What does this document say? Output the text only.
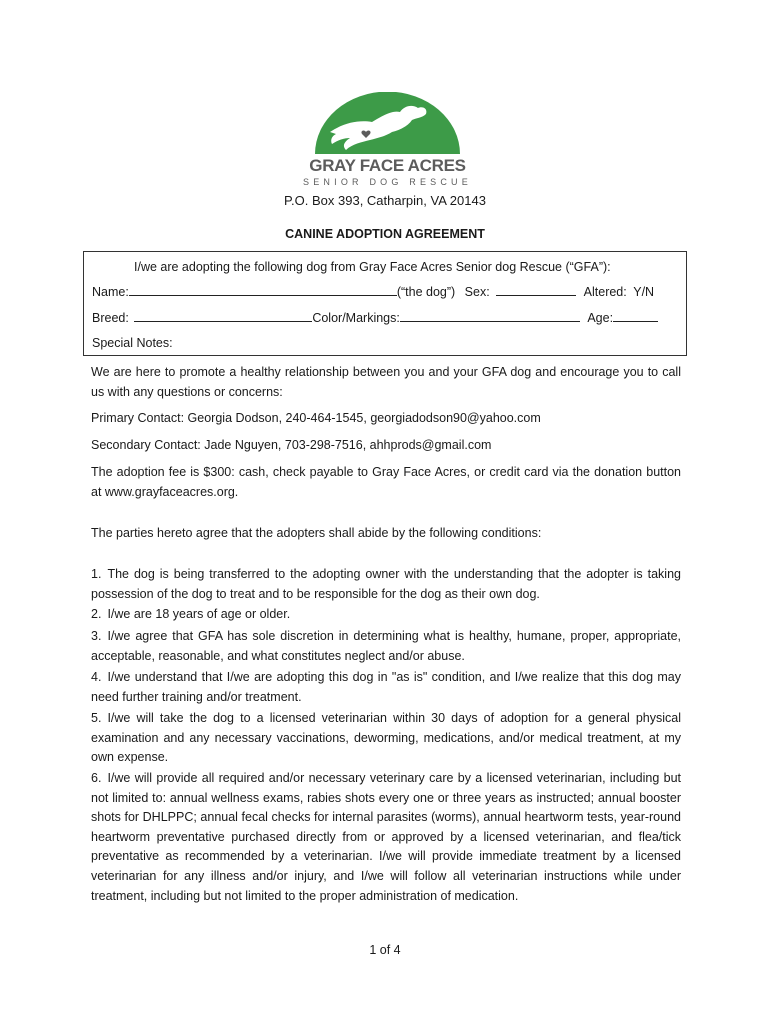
GRAY FACE ACRES
SENIOR DOG RESCUE
P.O. Box 393, Catharpin, VA 20143
CANINE ADOPTION AGREEMENT
I/we are adopting the following dog from Gray Face Acres Senior dog Rescue (“GFA”):
Name:	(“the dog”) Sex:	Altered: Y/N
Breed:	Color/Markings:	Age:
Special Notes:
We are here to promote a healthy relationship between you and your GFA dog and encourage you to call us with any questions or concerns:
Primary Contact: Georgia Dodson, 240-464-1545, georgiadodson90@yahoo.com
Secondary Contact: Jade Nguyen, 703-298-7516, ahhprods@gmail.com
The adoption fee is $300: cash, check payable to Gray Face Acres, or credit card via the donation button at www.grayfaceacres.org.
The parties hereto agree that the adopters shall abide by the following conditions:
1. The dog is being transferred to the adopting owner with the understanding that the adopter is taking possession of the dog to treat and to be responsible for the dog as their own dog.
2. I/we are 18 years of age or older.
3. I/we agree that GFA has sole discretion in determining what is healthy, humane, proper, appropriate, acceptable, reasonable, and what constitutes neglect and/or abuse.
4. I/we understand that I/we are adopting this dog in "as is" condition, and I/we realize that this dog may need further training and/or treatment.
5. I/we will take the dog to a licensed veterinarian within 30 days of adoption for a general physical examination and any necessary vaccinations, deworming, medications, and/or medical treatment, at my own expense.
6. I/we will provide all required and/or necessary veterinary care by a licensed veterinarian, including but not limited to: annual wellness exams, rabies shots every one or three years as instructed; annual booster shots for DHLPPC; annual fecal checks for internal parasites (worms), annual heartworm tests, year-round heartworm preventative purchased directly from or approved by a licensed veterinarian, and flea/tick preventative as recommended by a veterinarian. I/we will provide immediate treatment by a licensed veterinarian for any illness and/or injury, and I/we will follow all veterinarian instructions while under treatment, including but not limited to the proper administration of medication.
1 of 4
